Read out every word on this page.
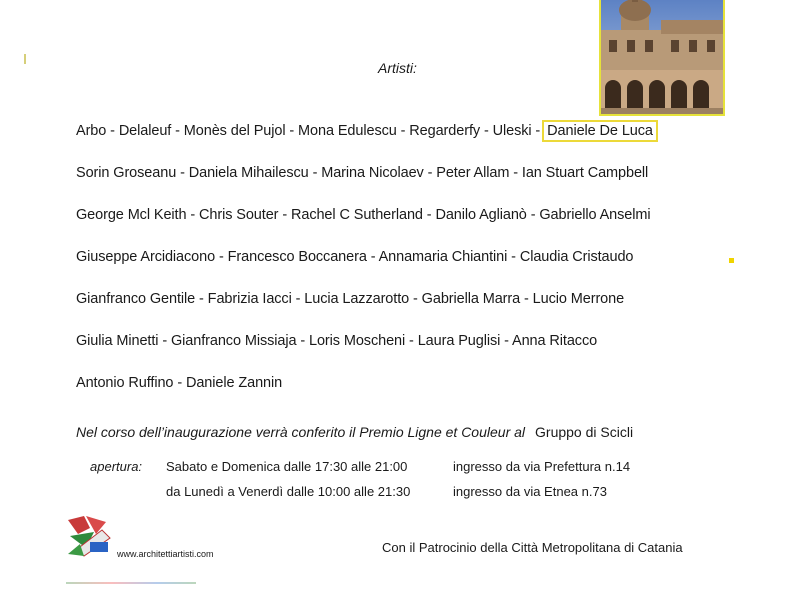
Artisti:
Arbo - Delaleuf - Monès del Pujol - Mona Edulescu - Regarderfy - Uleski - Daniele De Luca
Sorin Groseanu - Daniela Mihailescu - Marina Nicolaev - Peter Allam - Ian Stuart Campbell
George Mcl Keith - Chris Souter - Rachel C Sutherland - Danilo Aglianò - Gabriello Anselmi
Giuseppe Arcidiacono - Francesco Boccanera - Annamaria Chiantini - Claudia Cristaudo
Gianfranco Gentile - Fabrizia Iacci - Lucia Lazzarotto - Gabriella Marra - Lucio Merrone
Giulia Minetti - Gianfranco Missiaja - Loris Moscheni - Laura Puglisi - Anna Ritacco
Antonio Ruffino - Daniele Zannin
Nel corso dell’inaugurazione verrà conferito il Premio Ligne et Couleur al Gruppo di Scicli
apertura: Sabato e Domenica dalle 17:30 alle 21:00	ingresso da via Prefettura n.14
da Lunedì a Venerdì dalle 10:00 alle 21:30	ingresso da via Etnea n.73
www.architettiartisti.com	Con il Patrocinio della Città Metropolitana di Catania
